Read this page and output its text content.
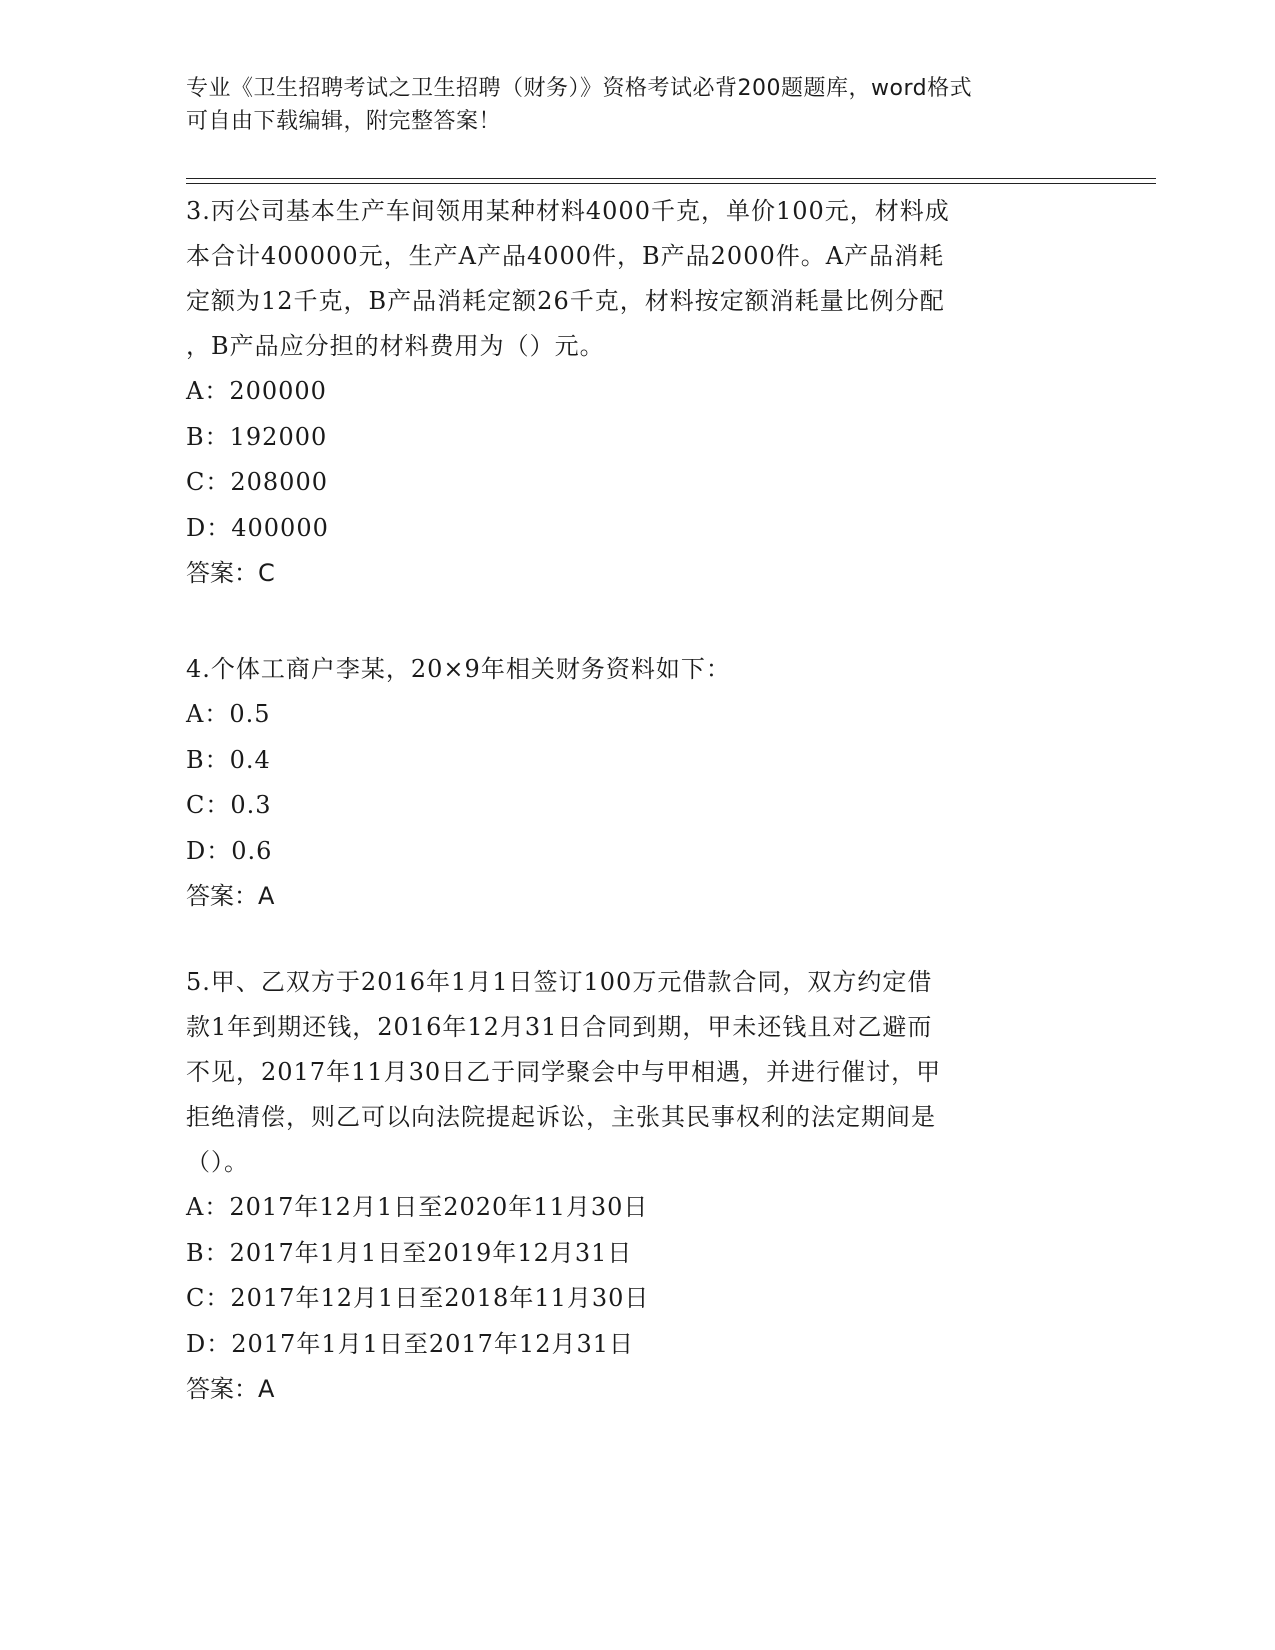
专业《卫生招聘考试之卫生招聘（财务）》资格考试必背200题题库，word格式
可自由下载编辑，附完整答案！
3.丙公司基本生产车间领用某种材料4000千克，单价100元，材料成
本合计400000元，生产A产品4000件，B产品2000件。A产品消耗
定额为12千克，B产品消耗定额26千克，材料按定额消耗量比例分配
，B产品应分担的材料费用为（）元。
A：200000
B：192000
C：208000
D：400000
答案：C
4.个体工商户李某，20×9年相关财务资料如下：
A：0.5
B：0.4
C：0.3
D：0.6
答案：A
5.甲、乙双方于2016年1月1日签订100万元借款合同，双方约定借
款1年到期还钱，2016年12月31日合同到期，甲未还钱且对乙避而
不见，2017年11月30日乙于同学聚会中与甲相遇，并进行催讨，甲
拒绝清偿，则乙可以向法院提起诉讼，主张其民事权利的法定期间是
（）。
A：2017年12月1日至2020年11月30日
B：2017年1月1日至2019年12月31日
C：2017年12月1日至2018年11月30日
D：2017年1月1日至2017年12月31日
答案：A
